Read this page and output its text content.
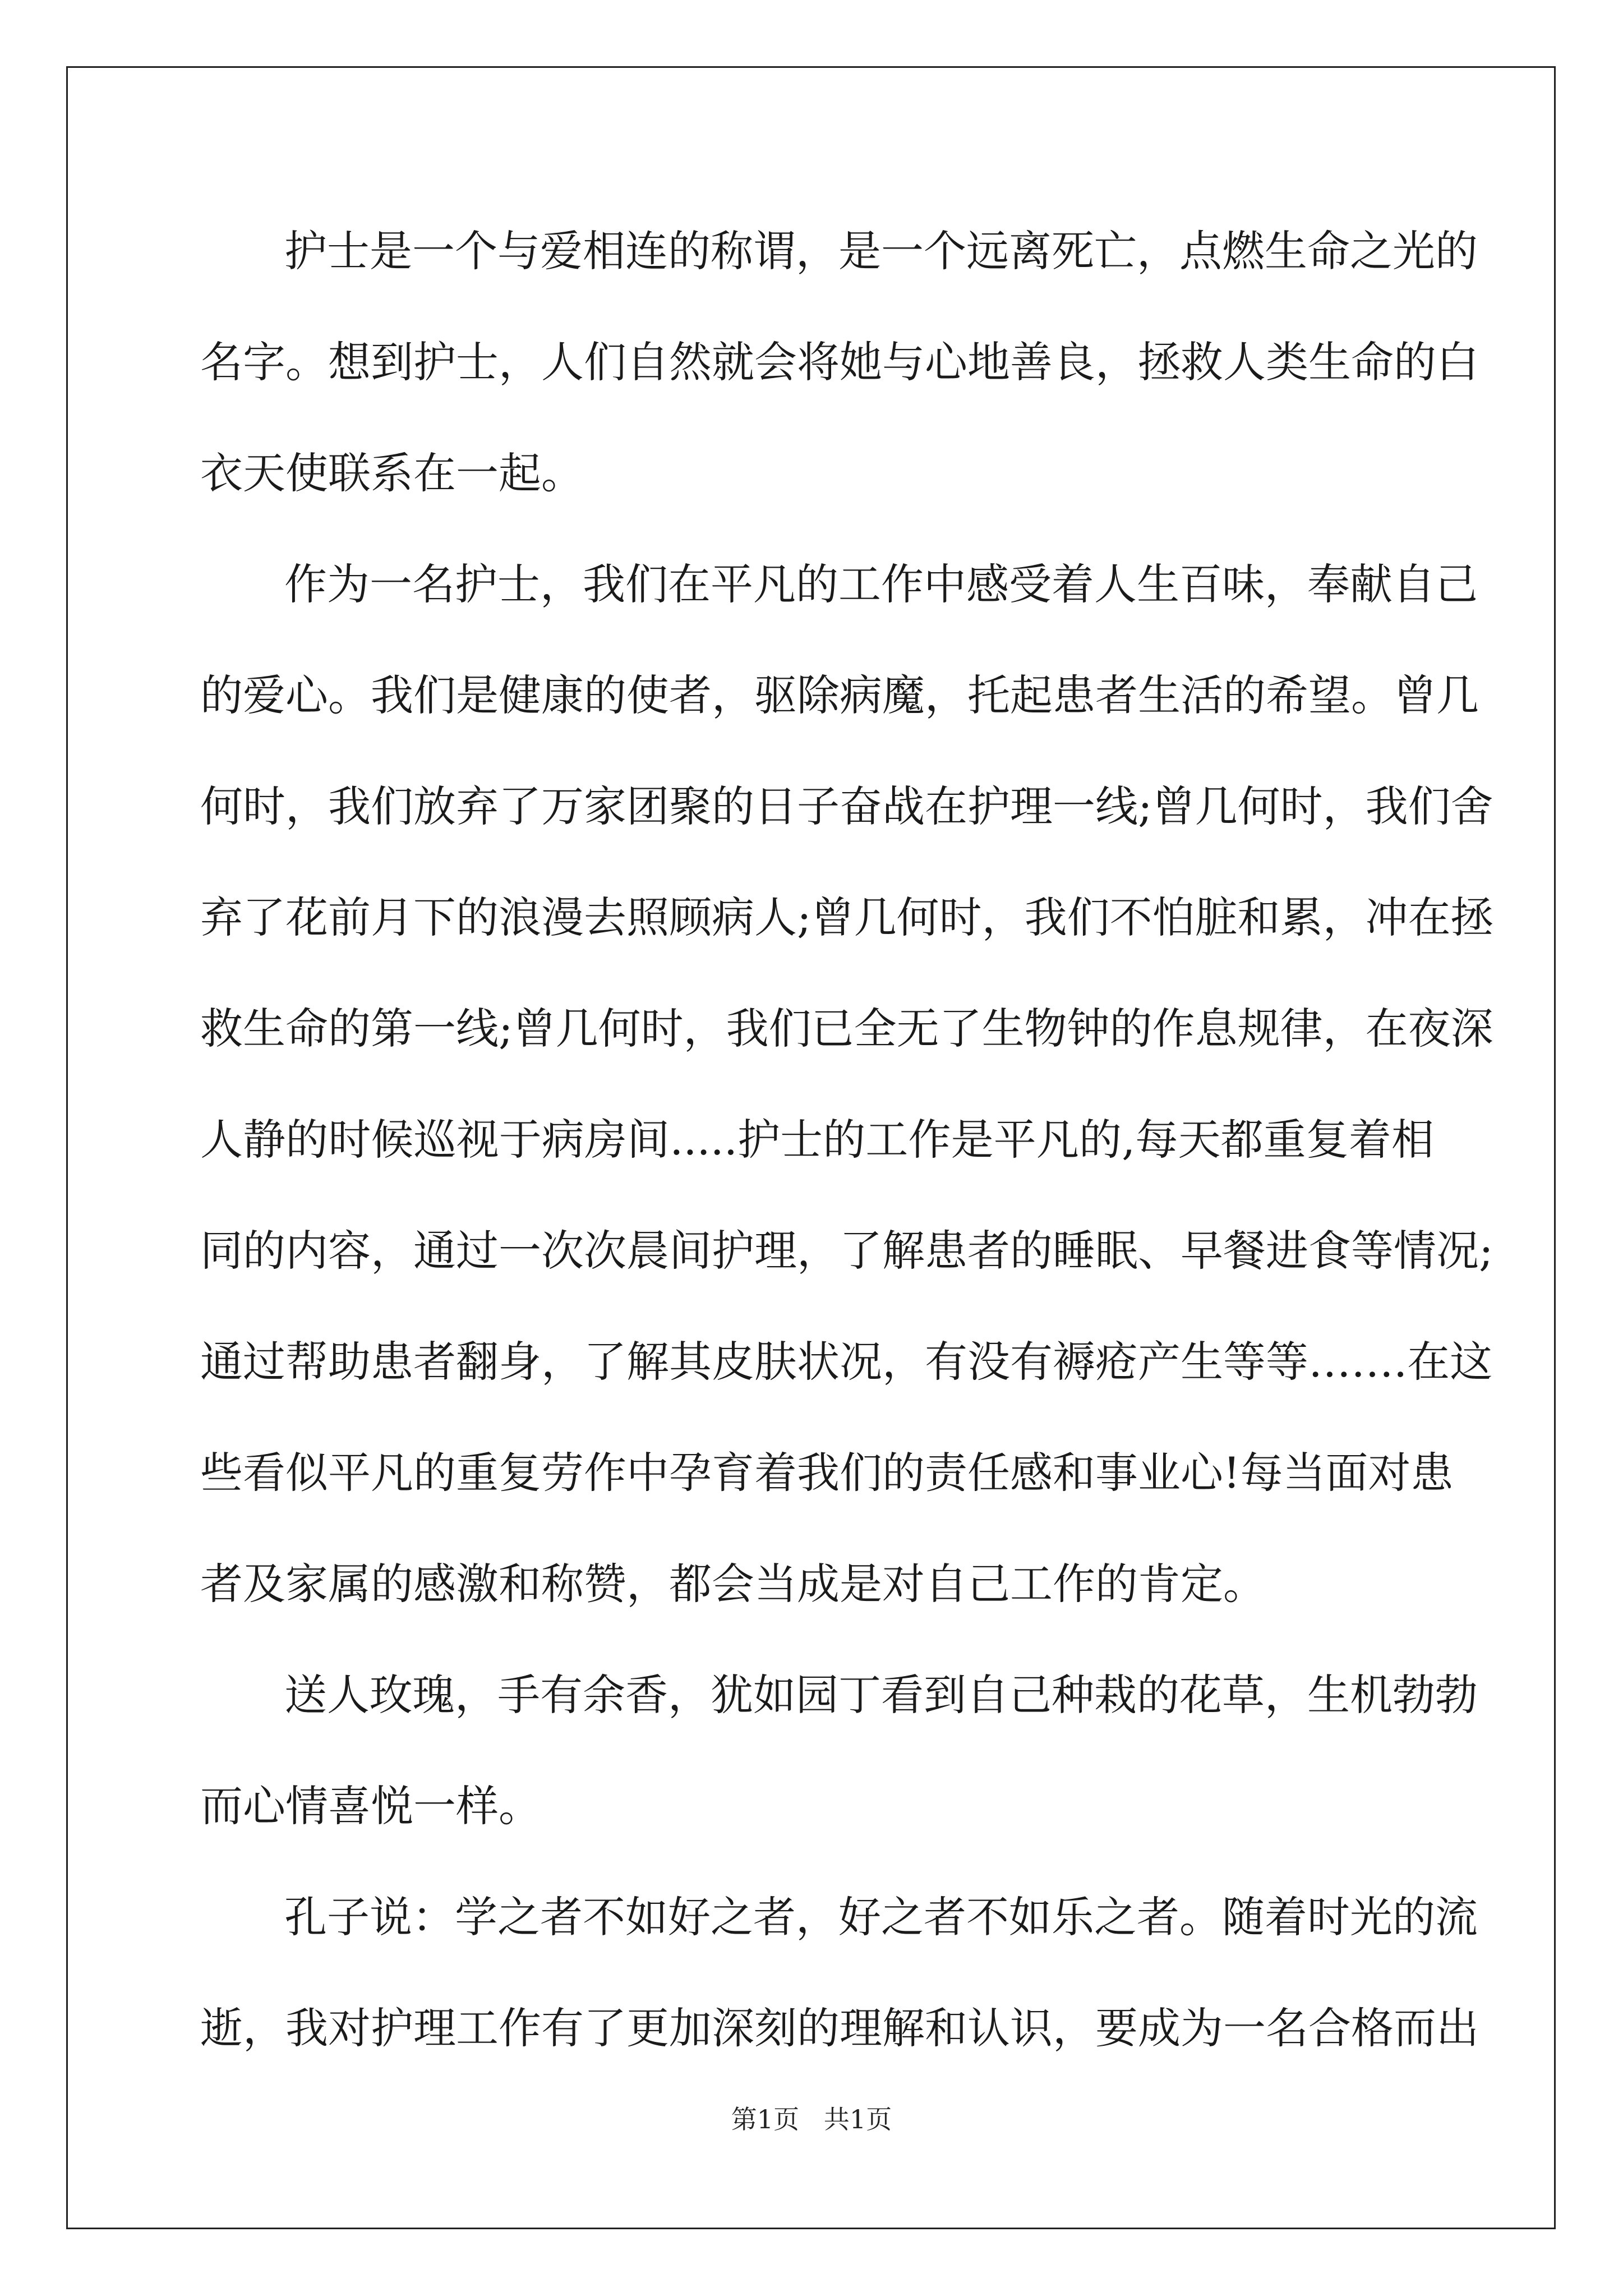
护士是一个与爱相连的称谓，是一个远离死亡，点燃生命之光的
名字。想到护士，人们自然就会将她与心地善良，拯救人类生命的白
衣天使联系在一起。
作为一名护士，我们在平凡的工作中感受着人生百味，奉献自己
的爱心。我们是健康的使者，驱除病魔，托起患者生活的希望。曾几
何时，我们放弃了万家团聚的日子奋战在护理一线;曾几何时，我们舍
弃了花前月下的浪漫去照顾病人;曾几何时，我们不怕脏和累，冲在拯
救生命的第一线;曾几何时，我们已全无了生物钟的作息规律，在夜深
人静的时候巡视于病房间.....护士的工作是平凡的,每天都重复着相
同的内容，通过一次次晨间护理，了解患者的睡眠、早餐进食等情况;
通过帮助患者翻身，了解其皮肤状况，有没有褥疮产生等等…….在这
些看似平凡的重复劳作中孕育着我们的责任感和事业心!每当面对患
者及家属的感激和称赞，都会当成是对自己工作的肯定。
送人玫瑰，手有余香，犹如园丁看到自己种栽的花草，生机勃勃
而心情喜悦一样。
孔子说：学之者不如好之者，好之者不如乐之者。随着时光的流
逝，我对护理工作有了更加深刻的理解和认识，要成为一名合格而出
第1页   共1页
